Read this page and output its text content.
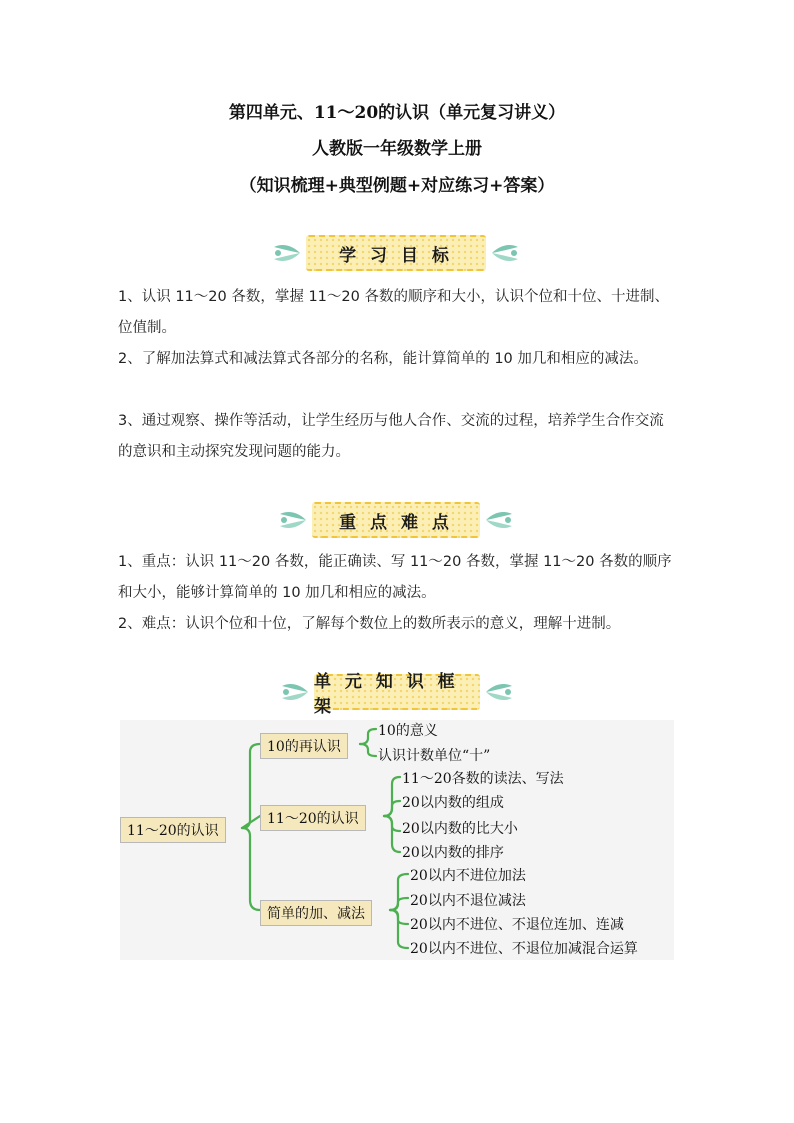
第四单元、11～20的认识（单元复习讲义）
人教版一年级数学上册
（知识梳理+典型例题+对应练习+答案）
学 习 目 标
1、认识 11～20 各数，掌握 11～20 各数的顺序和大小，认识个位和十位、十进制、位值制。
2、了解加法算式和减法算式各部分的名称，能计算简单的 10 加几和相应的减法。
3、通过观察、操作等活动，让学生经历与他人合作、交流的过程，培养学生合作交流的意识和主动探究发现问题的能力。
重 点 难 点
1、重点：认识 11～20 各数，能正确读、写 11～20 各数，掌握 11～20 各数的顺序和大小，能够计算简单的 10 加几和相应的减法。
2、难点：认识个位和十位，了解每个数位上的数所表示的意义，理解十进制。
单 元 知 识 框 架
11～20的认识
10的再认识
10的意义
认识计数单位“十”
11～20的认识
11～20各数的读法、写法
20以内数的组成
20以内数的比大小
20以内数的排序
简单的加、减法
20以内不进位加法
20以内不退位减法
20以内不进位、不退位连加、连减
20以内不进位、不退位加减混合运算
